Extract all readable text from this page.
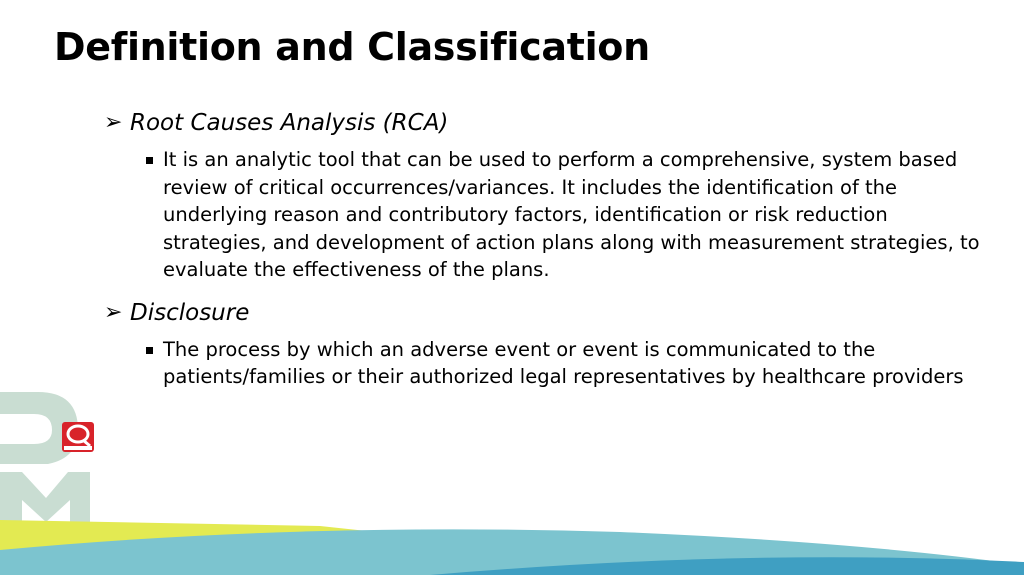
Definition and Classification
➢ Root Causes Analysis (RCA)
It is an analytic tool that can be used to perform a comprehensive, system based review of critical occurrences/variances. It includes the identification of the underlying reason and contributory factors, identification or risk reduction strategies, and development of action plans along with measurement strategies, to evaluate the effectiveness of the plans.
➢ Disclosure
The process by which an adverse event or event is communicated to the patients/families or their authorized legal representatives by healthcare providers
